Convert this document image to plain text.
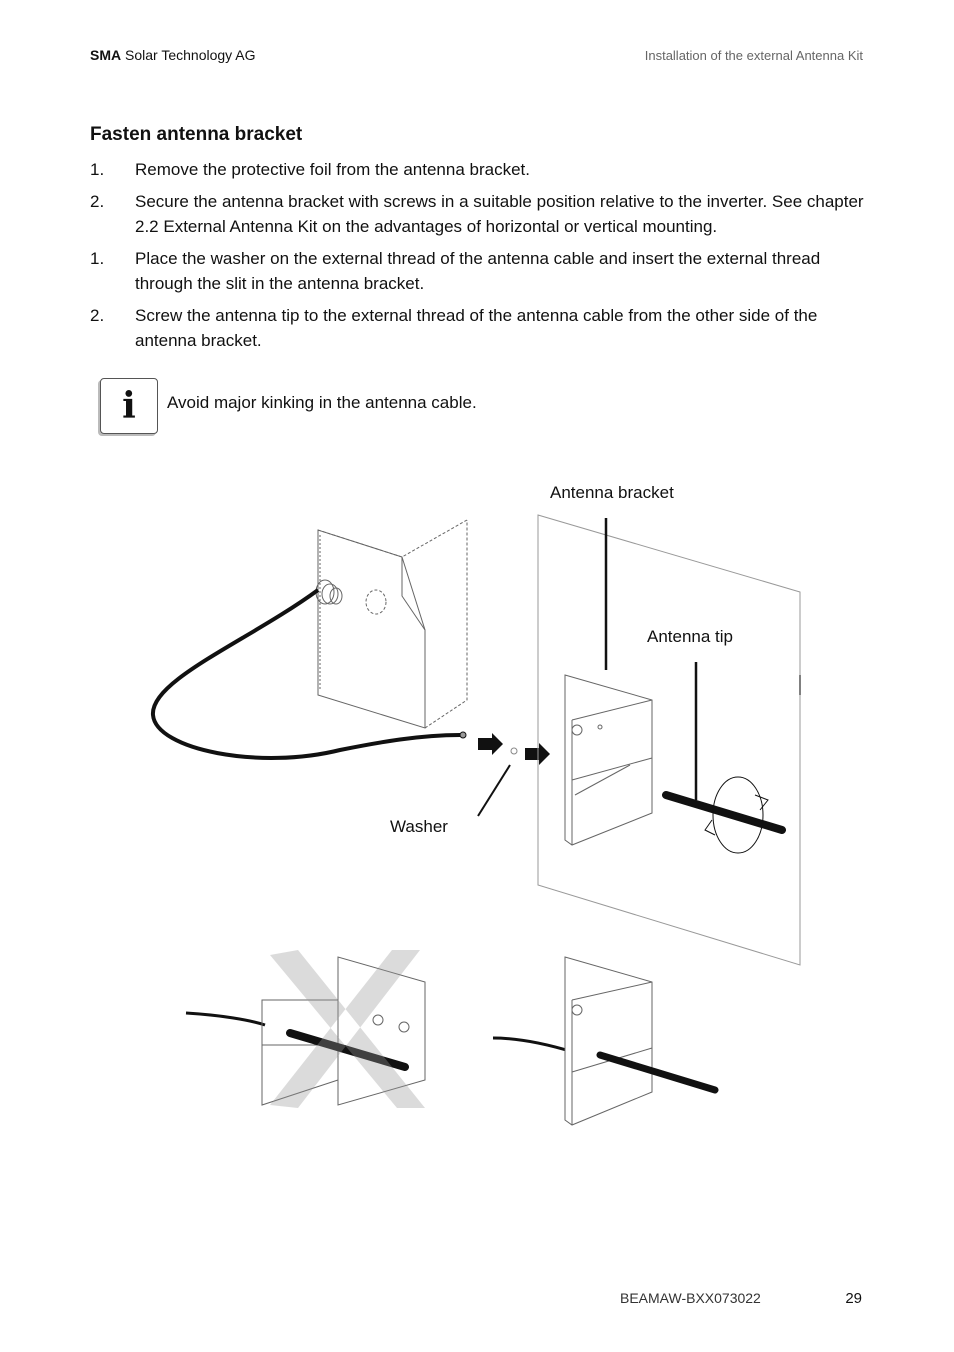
SMA Solar Technology AG	Installation of the external Antenna Kit
Fasten antenna bracket
1. Remove the protective foil from the antenna bracket.
2. Secure the antenna bracket with screws in a suitable position relative to the inverter. See chapter 2.2 External Antenna Kit on the advantages of horizontal or vertical mounting.
1. Place the washer on the external thread of the antenna cable and insert the external thread through the slit in the antenna bracket.
2. Screw the antenna tip to the external thread of the antenna cable from the other side of the antenna bracket.
i	Avoid major kinking in the antenna cable.
Antenna bracket
Antenna tip
Washer
BEAMAW-BXX073022	29
